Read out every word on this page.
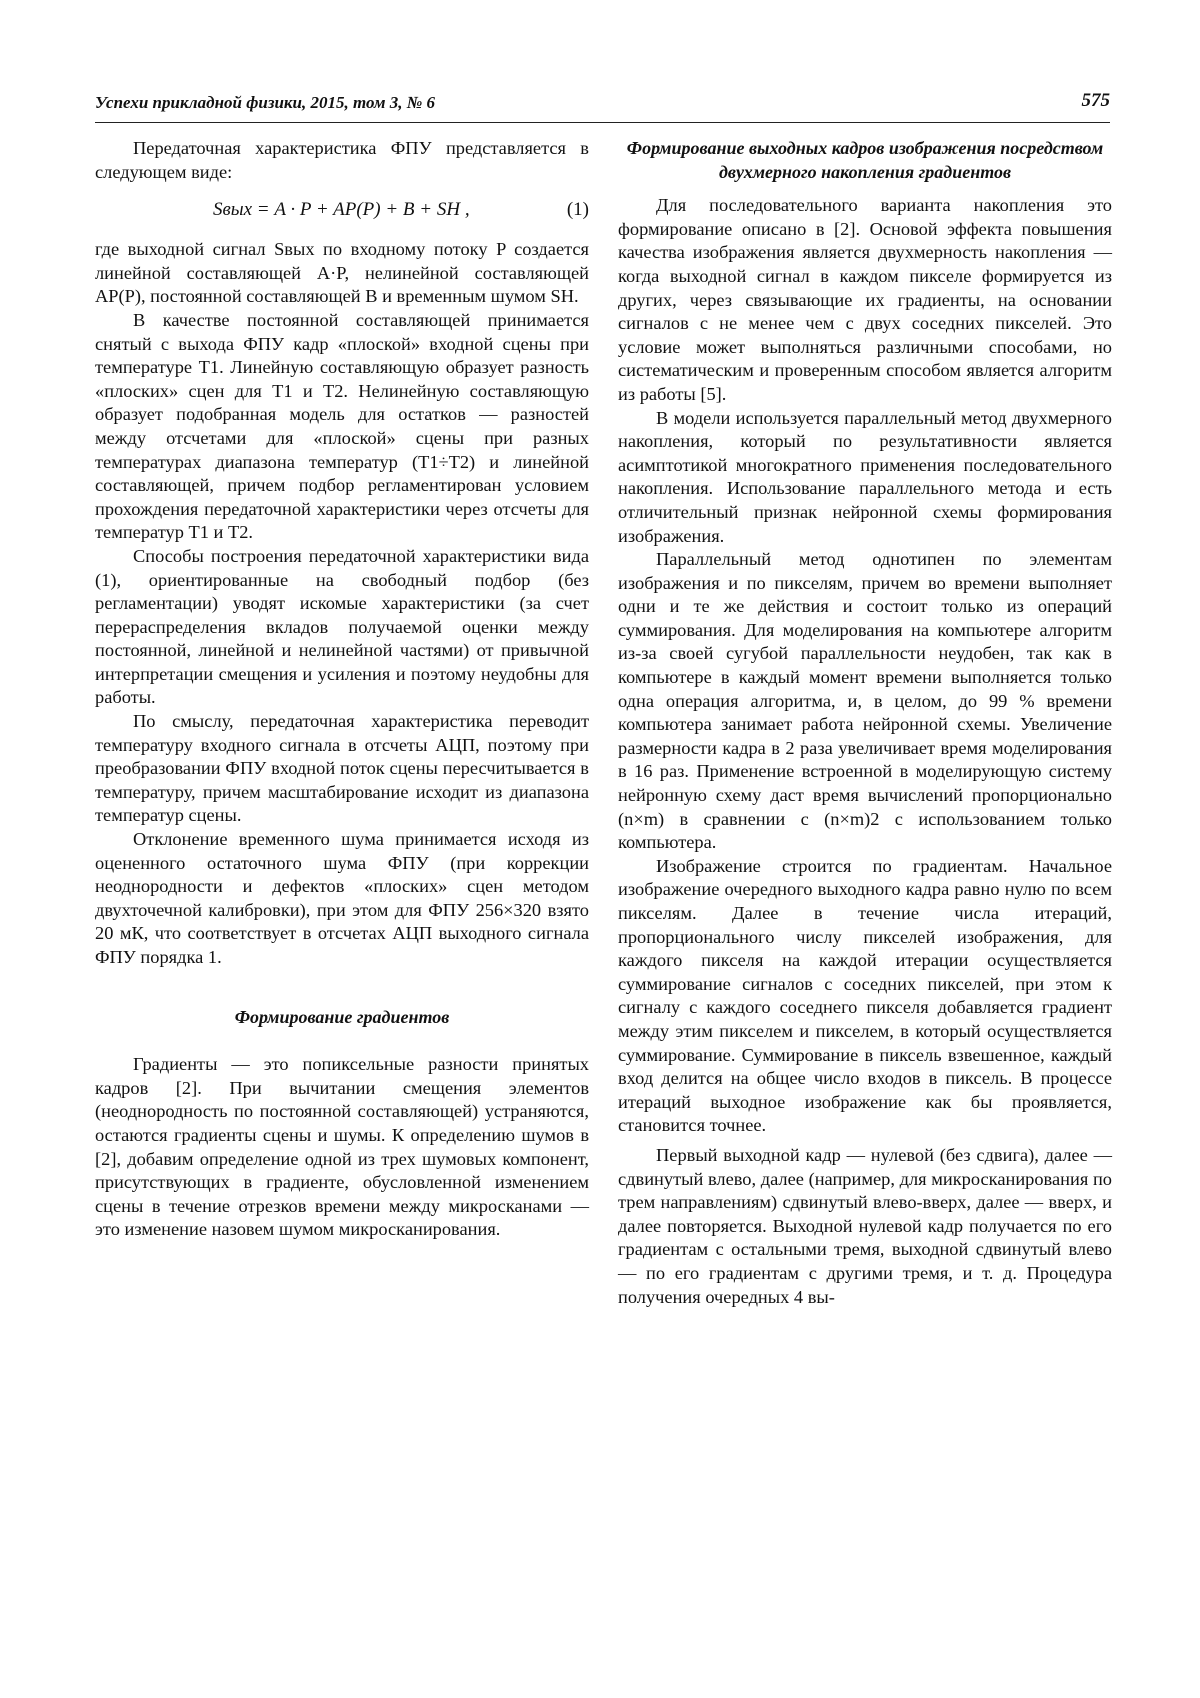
Успехи прикладной физики, 2015, том 3, № 6	575

Передаточная характеристика ФПУ представляется в следующем виде:

Sвых = A · P + AP(P) + B + SH ,	(1)

где выходной сигнал Sвых по входному потоку P создается линейной составляющей A·P, нелинейной составляющей AP(P), постоянной составляющей B и временным шумом SH.

В качестве постоянной составляющей принимается снятый с выхода ФПУ кадр «плоской» входной сцены при температуре T1. Линейную составляющую образует разность «плоских» сцен для T1 и T2. Нелинейную составляющую образует подобранная модель для остатков — разностей между отсчетами для «плоской» сцены при разных температурах диапазона температур (T1÷T2) и линейной составляющей, причем подбор регламентирован условием прохождения передаточной характеристики через отсчеты для температур T1 и T2.

Способы построения передаточной характеристики вида (1), ориентированные на свободный подбор (без регламентации) уводят искомые характеристики (за счет перераспределения вкладов получаемой оценки между постоянной, линейной и нелинейной частями) от привычной интерпретации смещения и усиления и поэтому неудобны для работы.

По смыслу, передаточная характеристика переводит температуру входного сигнала в отсчеты АЦП, поэтому при преобразовании ФПУ входной поток сцены пересчитывается в температуру, причем масштабирование исходит из диапазона температур сцены.

Отклонение временного шума принимается исходя из оцененного остаточного шума ФПУ (при коррекции неоднородности и дефектов «плоских» сцен методом двухточечной калибровки), при этом для ФПУ 256×320 взято 20 мК, что соответствует в отсчетах АЦП выходного сигнала ФПУ порядка 1.

Формирование градиентов

Градиенты — это попиксельные разности принятых кадров [2]. При вычитании смещения элементов (неоднородность по постоянной составляющей) устраняются, остаются градиенты сцены и шумы. К определению шумов в [2], добавим определение одной из трех шумовых компонент, присутствующих в градиенте, обусловленной изменением сцены в течение отрезков времени между микросканами — это изменение назовем шумом микросканирования.

Формирование выходных кадров изображения посредством двухмерного накопления градиентов

Для последовательного варианта накопления это формирование описано в [2]. Основой эффекта повышения качества изображения является двухмерность накопления — когда выходной сигнал в каждом пикселе формируется из других, через связывающие их градиенты, на основании сигналов с не менее чем с двух соседних пикселей. Это условие может выполняться различными способами, но систематическим и проверенным способом является алгоритм из работы [5].

В модели используется параллельный метод двухмерного накопления, который по результативности является асимптотикой многократного применения последовательного накопления. Использование параллельного метода и есть отличительный признак нейронной схемы формирования изображения.

Параллельный метод однотипен по элементам изображения и по пикселям, причем во времени выполняет одни и те же действия и состоит только из операций суммирования. Для моделирования на компьютере алгоритм из-за своей сугубой параллельности неудобен, так как в компьютере в каждый момент времени выполняется только одна операция алгоритма, и, в целом, до 99 % времени компьютера занимает работа нейронной схемы. Увеличение размерности кадра в 2 раза увеличивает время моделирования в 16 раз. Применение встроенной в моделирующую систему нейронную схему даст время вычислений пропорционально (n×m) в сравнении с (n×m)2 с использованием только компьютера.

Изображение строится по градиентам. Начальное изображение очередного выходного кадра равно нулю по всем пикселям. Далее в течение числа итераций, пропорционального числу пикселей изображения, для каждого пикселя на каждой итерации осуществляется суммирование сигналов с соседних пикселей, при этом к сигналу с каждого соседнего пикселя добавляется градиент между этим пикселем и пикселем, в который осуществляется суммирование. Суммирование в пиксель взвешенное, каждый вход делится на общее число входов в пиксель. В процессе итераций выходное изображение как бы проявляется, становится точнее.

Первый выходной кадр — нулевой (без сдвига), далее — сдвинутый влево, далее (например, для микросканирования по трем направлениям) сдвинутый влево-вверх, далее — вверх, и далее повторяется. Выходной нулевой кадр получается по его градиентам с остальными тремя, выходной сдвинутый влево — по его градиентам с другими тремя, и т. д. Процедура получения очередных 4 вы-
